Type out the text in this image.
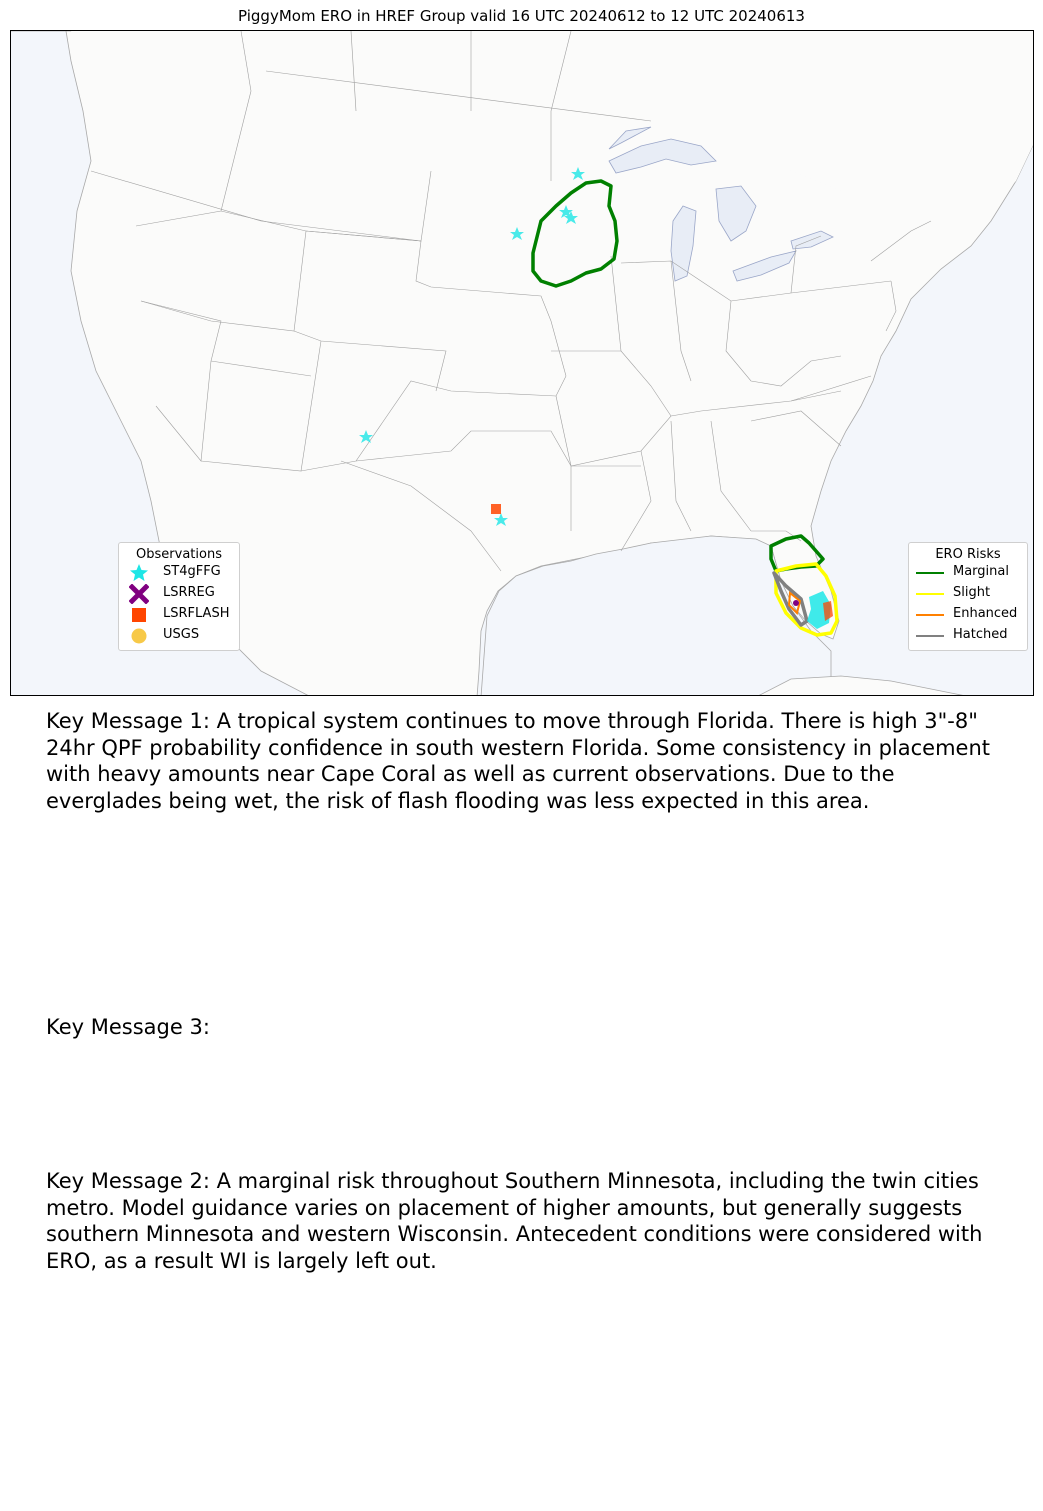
PiggyMom ERO in HREF Group valid 16 UTC 20240612 to 12 UTC 20240613
Observations
ST4gFFG
LSRREG
LSRFLASH
USGS
ERO Risks
Marginal
Slight
Enhanced
Hatched
Key Message 1: A tropical system continues to move through Florida. There is high 3"-8" 24hr QPF probability confidence in south western Florida. Some consistency in placement with heavy amounts near Cape Coral as well as current observations. Due to the everglades being wet, the risk of flash flooding was less expected in this area.
Key Message 3:
Key Message 2: A marginal risk throughout Southern Minnesota, including the twin cities metro. Model guidance varies on placement of higher amounts, but generally suggests southern Minnesota and western Wisconsin. Antecedent conditions were considered with ERO, as a result WI is largely left out.
